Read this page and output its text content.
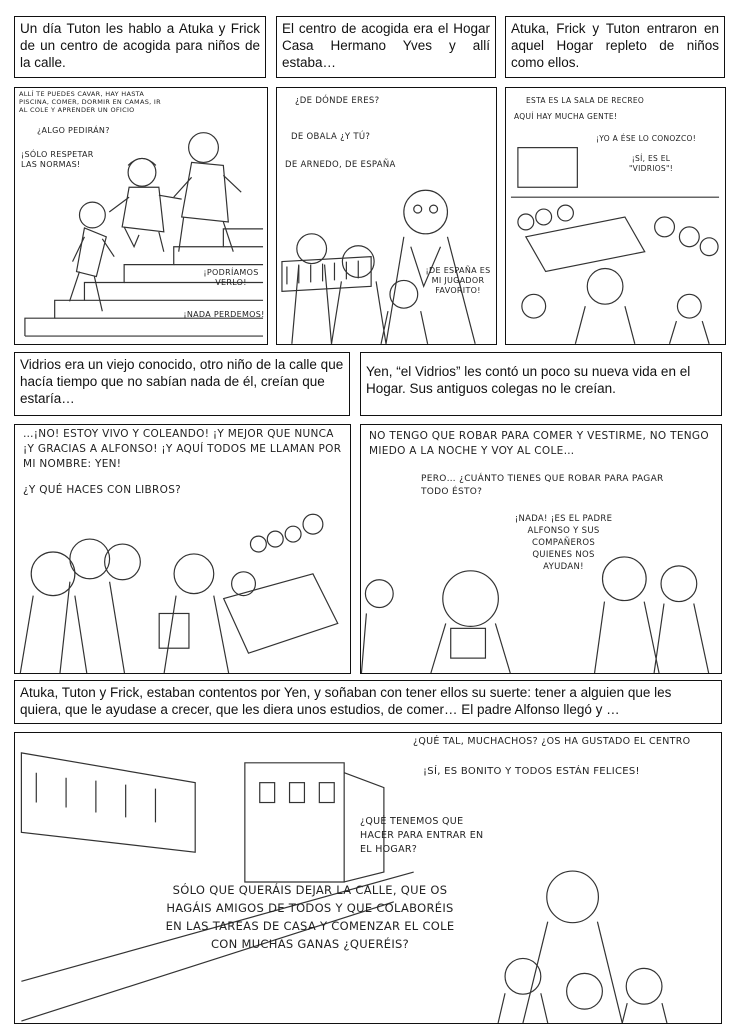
Un día Tuton les hablo a Atuka y Frick de un centro de acogida para niños de la calle.
El centro de acogida era el Hogar Casa Hermano Yves y allí estaba…
Atuka, Frick y Tuton entraron en aquel Hogar repleto de niños como ellos.
ALLÍ TE PUEDES CAVAR, HAY HASTA PISCINA, COMER, DORMIR EN CAMAS, IR AL COLE Y APRENDER UN OFICIO
¿ALGO PEDIRÁN?
¡SÓLO RESPETAR LAS NORMAS!
¡PODRÍAMOS VERLO!
¡NADA PERDEMOS!
¿DE DÓNDE ERES?
DE OBALA ¿Y TÚ?
DE ARNEDO, DE ESPAÑA
¡DE ESPAÑA ES MI JUGADOR FAVORITO!
ESTA ES LA SALA DE RECREO
AQUÍ HAY MUCHA GENTE!
¡YO A ÉSE LO CONOZCO!
¡SÍ, ES EL "VIDRIOS"!
Vidrios era un viejo conocido, otro niño de la calle que hacía tiempo que no sabían nada de él, creían que estaría…
Yen, “el Vidrios” les contó un poco su nueva vida en el Hogar. Sus antiguos colegas no le creían.
…¡NO! ESTOY VIVO Y COLEANDO! ¡Y MEJOR QUE NUNCA ¡Y GRACIAS A ALFONSO! ¡Y AQUÍ TODOS ME LLAMAN POR MI NOMBRE: YEN!
¿Y QUÉ HACES CON LIBROS?
NO TENGO QUE ROBAR PARA COMER Y VESTIRME, NO TENGO MIEDO A LA NOCHE Y VOY AL COLE…
PERO… ¿CUÁNTO TIENES QUE ROBAR PARA PAGAR TODO ÉSTO?
¡NADA! ¡ES EL PADRE ALFONSO Y SUS COMPAÑEROS QUIENES NOS AYUDAN!
Atuka, Tuton y Frick, estaban contentos por Yen, y soñaban con tener ellos su suerte: tener a alguien que les quiera, que le ayudase a crecer, que les diera unos estudios, de comer… El padre Alfonso llegó y …
¿QUÉ TAL, MUCHACHOS? ¿OS HA GUSTADO EL CENTRO
¡SÍ, ES BONITO Y TODOS ESTÁN FELICES!
¿QUÉ TENEMOS QUE HACER PARA ENTRAR EN EL HOGAR?
SÓLO QUE QUERÁIS DEJAR LA CALLE, QUE OS HAGÁIS AMIGOS DE TODOS Y QUE COLABORÉIS EN LAS TAREAS DE CASA Y COMENZAR EL COLE CON MUCHAS GANAS ¿QUERÉIS?
